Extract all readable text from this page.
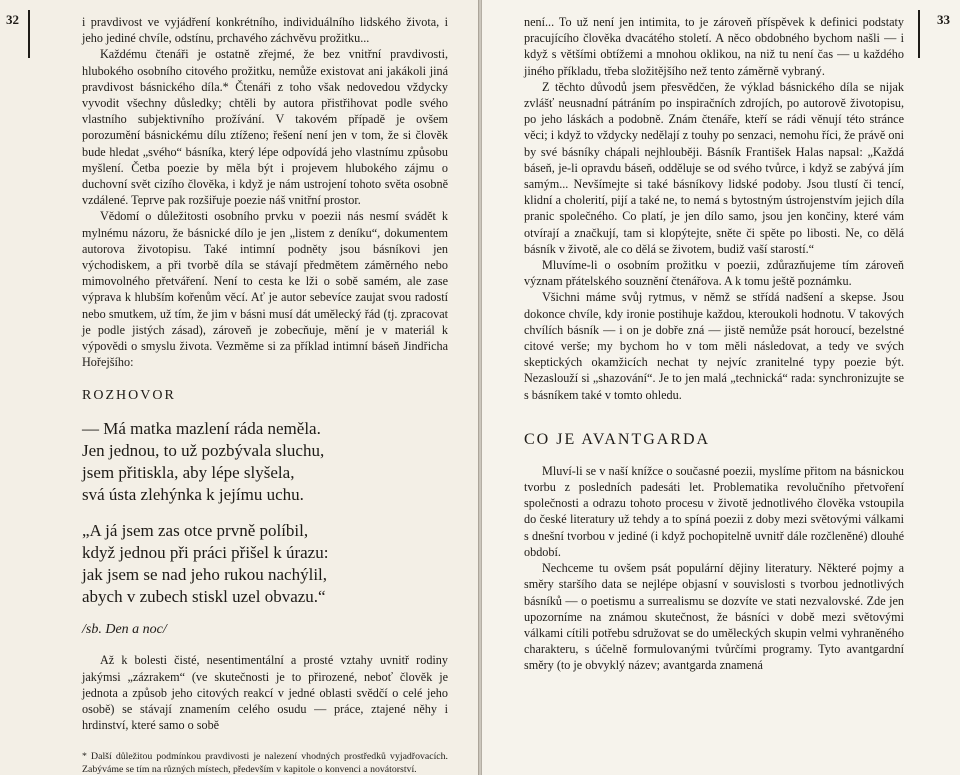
32	i pravdivost ve vyjádření konkrétního, individuálního lidského života, i jeho jediné chvíle, odstínu, prchavého záchvěvu prožitku...

Každému čtenáři je ostatně zřejmé, že bez vnitřní pravdivosti, hlubokého osobního citového prožitku, nemůže existovat ani jakákoli jiná pravdivost básnického díla.* Čtenáři z toho však nedovedou vždycky vyvodit všechny důsledky; chtěli by autora přistřihovat podle svého vlastního subjektivního prožívání. V takovém případě je ovšem porozumění básnickému dílu ztíženo; řešení není jen v tom, že si člověk bude hledat „svého“ básníka, který lépe odpovídá jeho vlastnímu způsobu myšlení. Četba poezie by měla být i projevem hlubokého zájmu o duchovní svět cizího člověka, i když je nám ustrojení tohoto světa osobně vzdálené. Teprve pak rozšiřuje poezie náš vnitřní prostor.

Vědomí o důležitosti osobního prvku v poezii nás nesmí svádět k mylnému názoru, že básnické dílo je jen „listem z deníku“, dokumentem autorova životopisu. Také intimní podněty jsou básníkovi jen východiskem, a při tvorbě díla se stávají předmětem záměrného nebo mimovolného přetváření. Není to cesta ke lži o sobě samém, ale zase výprava k hlubším kořenům věcí. Ať je autor sebevíce zaujat svou radostí nebo smutkem, už tím, že jim v básni musí dát umělecký řád (tj. zpracovat je podle jistých zásad), zároveň je zobecňuje, mění je v materiál k výpovědi o smyslu života. Vezměme si za příklad intimní báseň Jindřicha Hořejšího:

ROZHOVOR

— Má matka mazlení ráda neměla.

Jen jednou, to už pozbývala sluchu,

jsem přitiskla, aby lépe slyšela,

svá ústa zlehýnka k jejímu uchu.

„A já jsem zas otce prvně políbil,

když jednou při práci přišel k úrazu:

jak jsem se nad jeho rukou nachýlil,

abych v zubech stiskl uzel obvazu.“

/sb. Den a noc/

Až k bolesti čisté, nesentimentální a prosté vztahy uvnitř rodiny jakýmsi „zázrakem“ (ve skutečnosti je to přirozené, neboť člověk je jednota a způsob jeho citových reakcí v jedné oblasti svědčí o celé jeho osobě) se stávají znamením celého osudu — práce, ztajené něhy i hrdinství, které samo o sobě

* Další důležitou podmínkou pravdivosti je nalezení vhodných prostředků vyjadřovacích. Zabýváme se tím na různých místech, především v kapitole o konvenci a novátorství.

33

není... To už není jen intimita, to je zároveň příspěvek k definici podstaty pracujícího člověka dvacátého století. A něco obdobného bychom našli — i když s většími obtížemi a mnohou oklikou, na niž tu není čas — u každého jiného příkladu, třeba složitějšího než tento záměrně vybraný.

Z těchto důvodů jsem přesvědčen, že výklad básnického díla se nijak zvlášť neusnadní pátráním po inspiračních zdrojích, po autorově životopisu, po jeho láskách a podobně. Znám čtenáře, kteří se rádi věnují této stránce věci; i když to vždycky nedělají z touhy po senzaci, nemohu říci, že právě oni by své básníky chápali nejhlouběji. Básník František Halas napsal: „Každá báseň, je-li opravdu báseň, odděluje se od svého tvůrce, i když se zabývá jím samým... Nevšímejte si také básníkovy lidské podoby. Jsou tlustí či tencí, klidní a cholerití, pijí a také ne, to nemá s bytostným ústrojenstvím jejich díla pranic společného. Co platí, je jen dílo samo, jsou jen končiny, které vám otvírají a značkují, tam si klopýtejte, sněte či spěte po libosti. Ne, co dělá básník v životě, ale co dělá se životem, budiž vaší starostí.“

Mluvíme-li o osobním prožitku v poezii, zdůrazňujeme tím zároveň význam přátelského souznění čtenářova. A k tomu ještě poznámku.

Všichni máme svůj rytmus, v němž se střídá nadšení a skepse. Jsou dokonce chvíle, kdy ironie postihuje každou, kteroukoli hodnotu. V takových chvílích básník — i on je dobře zná — jistě nemůže psát horoucí, bezelstné citové verše; my bychom ho v tom měli následovat, a tedy ve svých skeptických okamžicích nechat ty nejvíc zranitelné typy poezie být. Nezaslouží si „shazování“. Je to jen malá „technická“ rada: synchronizujte se s básníkem také v tomto ohledu.

CO JE AVANTGARDA

Mluví-li se v naší knížce o současné poezii, myslíme přitom na básnickou tvorbu z posledních padesáti let. Problematika revolučního přetvoření společnosti a odrazu tohoto procesu v životě jednotlivého člověka vstoupila do české literatury už tehdy a to spíná poezii z doby mezi světovými válkami s dnešní tvorbou v jediné (i když pochopitelně uvnitř dále rozčleněné) dlouhé období.

Nechceme tu ovšem psát populární dějiny literatury. Některé pojmy a směry staršího data se nejlépe objasní v souvislosti s tvorbou jednotlivých básníků — o poetismu a surrealismu se dozvíte ve stati nezvalovské. Zde jen upozorníme na známou skutečnost, že básníci v době mezi světovými válkami cítili potřebu sdružovat se do uměleckých skupin velmi vyhraněného charakteru, s účelně formulovanými tvůrčími programy. Tyto avantgardní směry (to je obvyklý název; avantgarda znamená
